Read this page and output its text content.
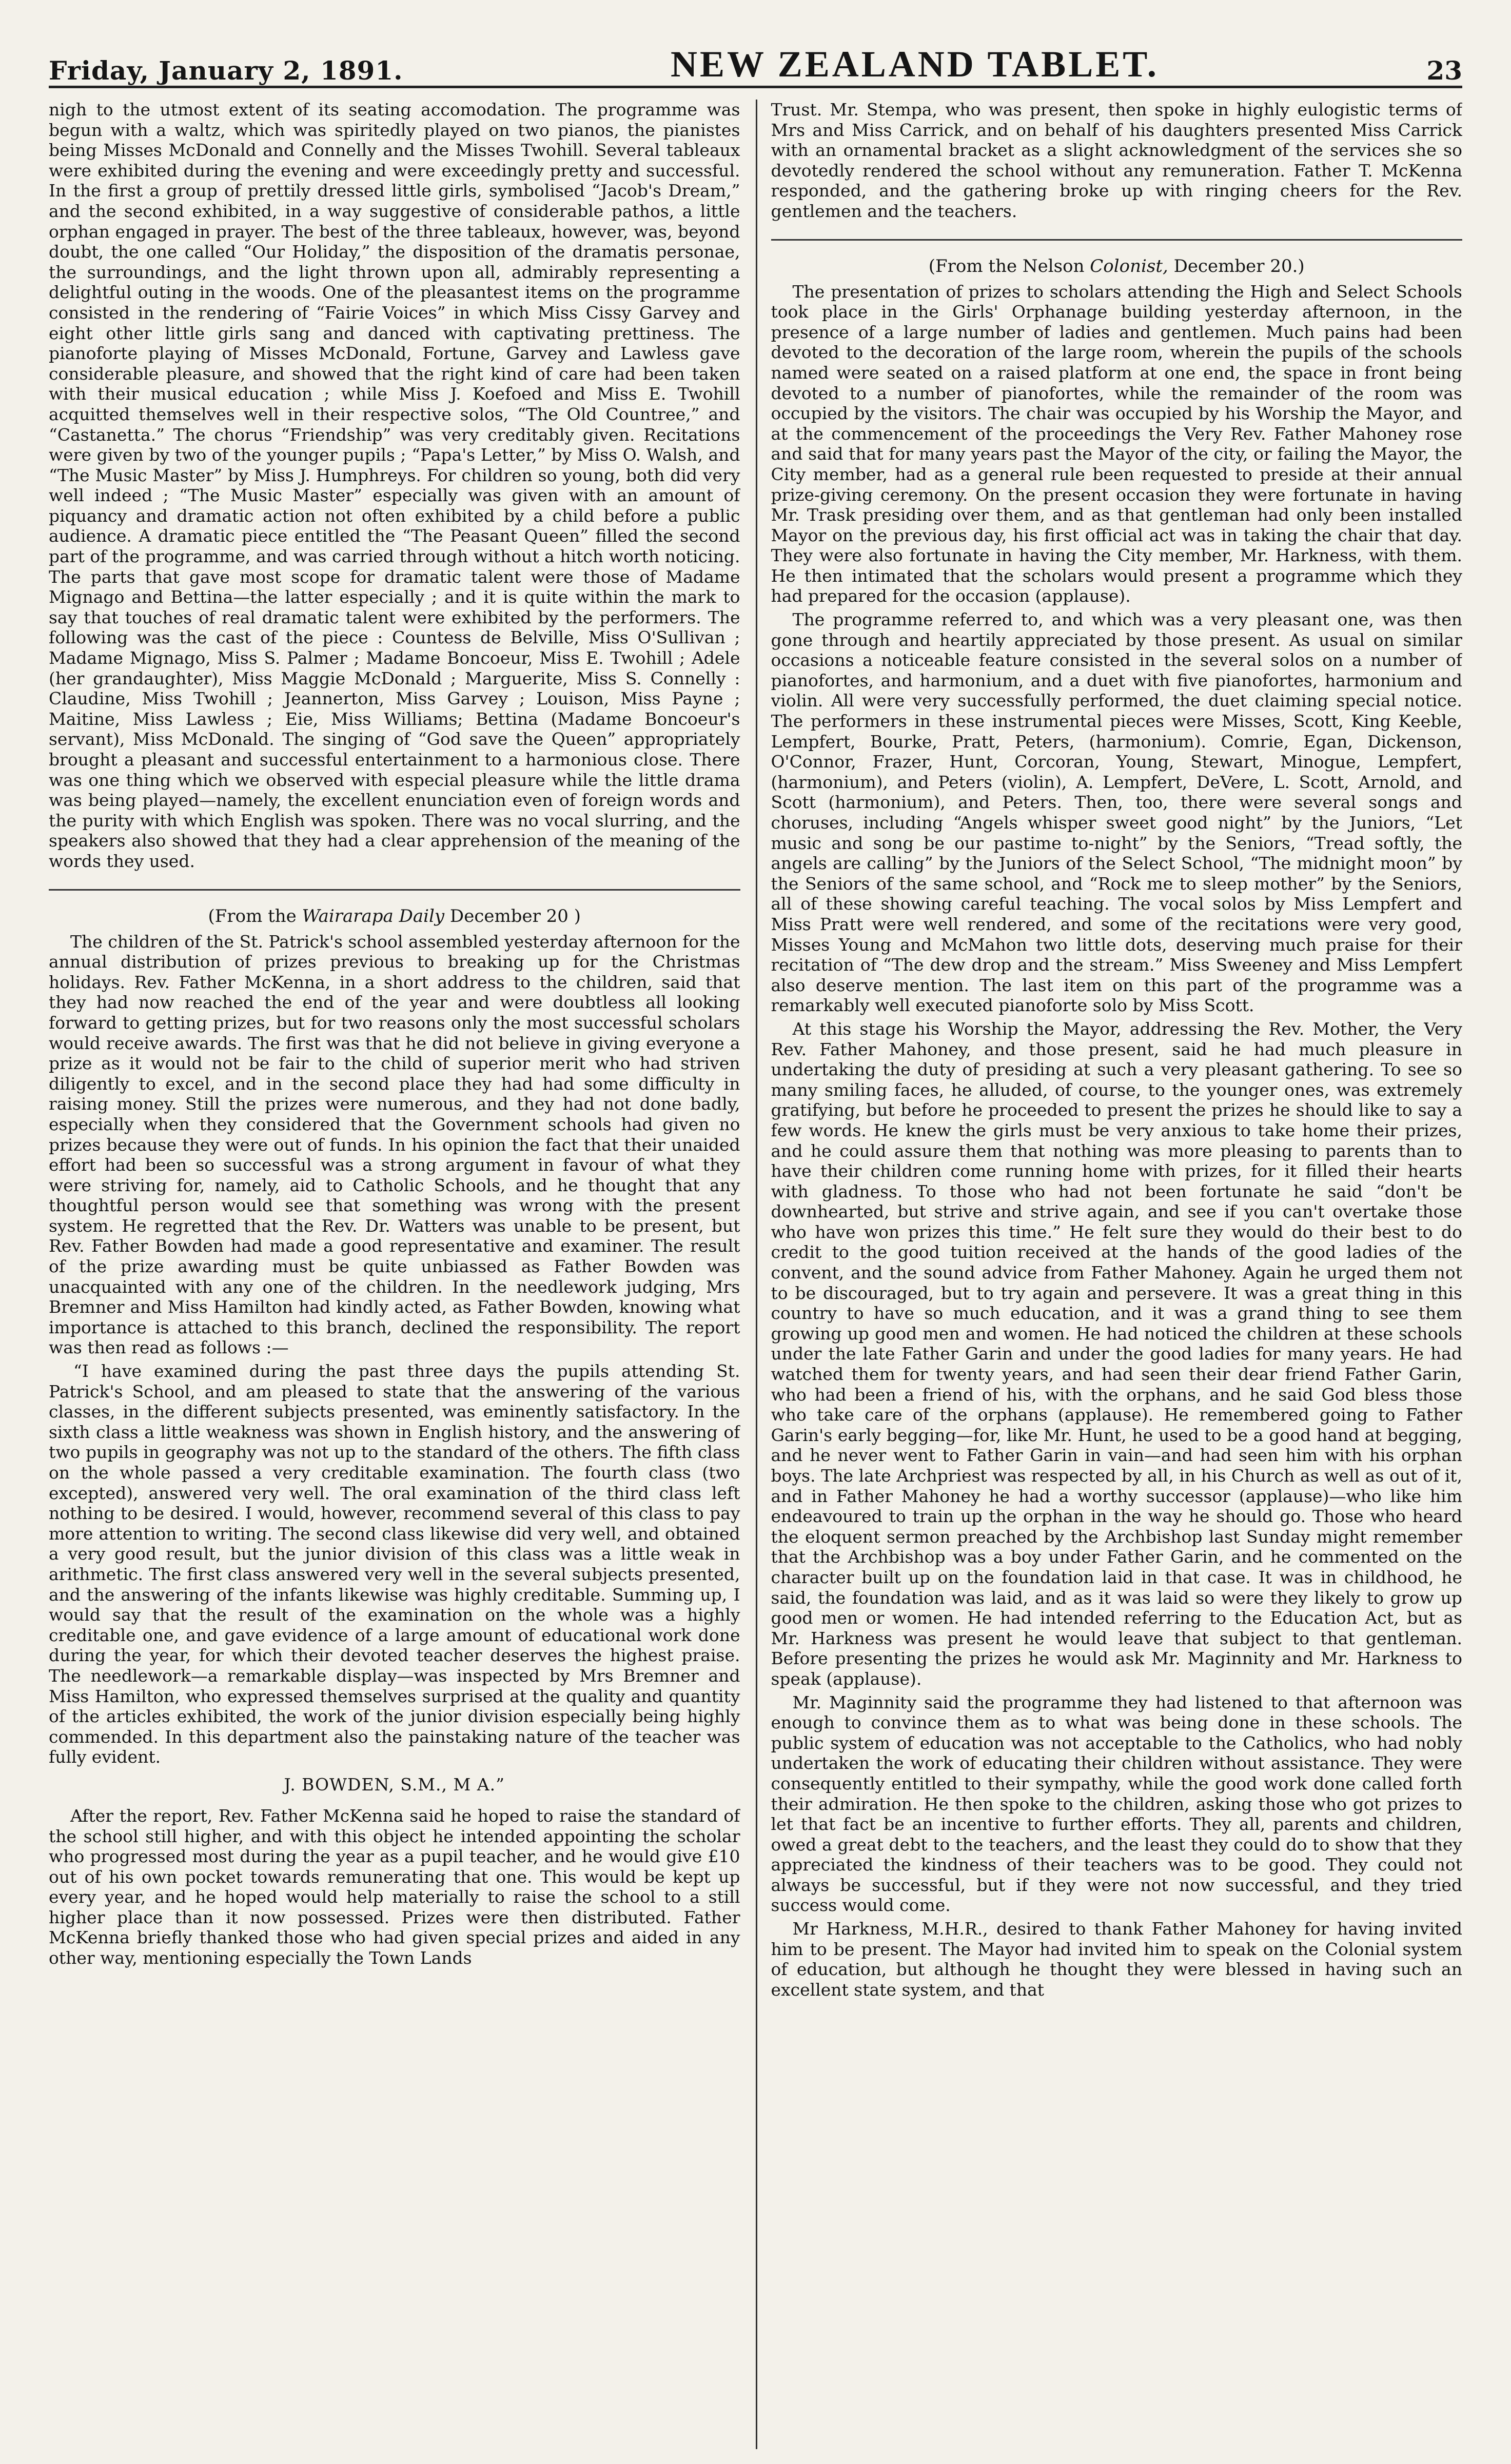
Friday, January 2, 1891.	NEW ZEALAND TABLET.	23

nigh to the utmost extent of its seating accomodation. The programme was begun with a waltz, which was spiritedly played on two pianos, the pianistes being Misses McDonald and Connelly and the Misses Twohill. Several tableaux were exhibited during the evening and were exceedingly pretty and successful. In the first a group of prettily dressed little girls, symbolised “Jacob's Dream,” and the second exhibited, in a way suggestive of considerable pathos, a little orphan engaged in prayer. The best of the three tableaux, however, was, beyond doubt, the one called “Our Holiday,” the disposition of the dramatis personae, the surroundings, and the light thrown upon all, admirably representing a delightful outing in the woods. One of the pleasantest items on the programme consisted in the rendering of “Fairie Voices” in which Miss Cissy Garvey and eight other little girls sang and danced with captivating prettiness. The pianoforte playing of Misses McDonald, Fortune, Garvey and Lawless gave considerable pleasure, and showed that the right kind of care had been taken with their musical education ; while Miss J. Koefoed and Miss E. Twohill acquitted themselves well in their respective solos, “The Old Countree,” and “Castanetta.” The chorus “Friendship” was very creditably given. Recitations were given by two of the younger pupils ; “Papa's Letter,” by Miss O. Walsh, and “The Music Master” by Miss J. Humphreys. For children so young, both did very well indeed ; “The Music Master” especially was given with an amount of piquancy and dramatic action not often exhibited by a child before a public audience. A dramatic piece entitled the “The Peasant Queen” filled the second part of the programme, and was carried through without a hitch worth noticing. The parts that gave most scope for dramatic talent were those of Madame Mignago and Bettina—the latter especially ; and it is quite within the mark to say that touches of real dramatic talent were exhibited by the performers. The following was the cast of the piece : Countess de Belville, Miss O'Sullivan ; Madame Mignago, Miss S. Palmer ; Madame Boncoeur, Miss E. Twohill ; Adele (her grandaughter), Miss Maggie McDonald ; Marguerite, Miss S. Connelly : Claudine, Miss Twohill ; Jeannerton, Miss Garvey ; Louison, Miss Payne ; Maitine, Miss Lawless ; Eie, Miss Williams; Bettina (Madame Boncoeur's servant), Miss McDonald. The singing of “God save the Queen” appropriately brought a pleasant and successful entertainment to a harmonious close. There was one thing which we observed with especial pleasure while the little drama was being played—namely, the excellent enunciation even of foreign words and the purity with which English was spoken. There was no vocal slurring, and the speakers also showed that they had a clear apprehension of the meaning of the words they used.

(From the Wairarapa Daily December 20 )

The children of the St. Patrick's school assembled yesterday afternoon for the annual distribution of prizes previous to breaking up for the Christmas holidays. Rev. Father McKenna, in a short address to the children, said that they had now reached the end of the year and were doubtless all looking forward to getting prizes, but for two reasons only the most successful scholars would receive awards. The first was that he did not believe in giving everyone a prize as it would not be fair to the child of superior merit who had striven diligently to excel, and in the second place they had had some difficulty in raising money. Still the prizes were numerous, and they had not done badly, especially when they considered that the Government schools had given no prizes because they were out of funds. In his opinion the fact that their unaided effort had been so successful was a strong argument in favour of what they were striving for, namely, aid to Catholic Schools, and he thought that any thoughtful person would see that something was wrong with the present system. He regretted that the Rev. Dr. Watters was unable to be present, but Rev. Father Bowden had made a good representative and examiner. The result of the prize awarding must be quite unbiassed as Father Bowden was unacquainted with any one of the children. In the needlework judging, Mrs Bremner and Miss Hamilton had kindly acted, as Father Bowden, knowing what importance is attached to this branch, declined the responsibility. The report was then read as follows :—

“I have examined during the past three days the pupils attending St. Patrick's School, and am pleased to state that the answering of the various classes, in the different subjects presented, was eminently satisfactory. In the sixth class a little weakness was shown in English history, and the answering of two pupils in geography was not up to the standard of the others. The fifth class on the whole passed a very creditable examination. The fourth class (two excepted), answered very well. The oral examination of the third class left nothing to be desired. I would, however, recommend several of this class to pay more attention to writing. The second class likewise did very well, and obtained a very good result, but the junior division of this class was a little weak in arithmetic. The first class answered very well in the several subjects presented, and the answering of the infants likewise was highly creditable. Summing up, I would say that the result of the examination on the whole was a highly creditable one, and gave evidence of a large amount of educational work done during the year, for which their devoted teacher deserves the highest praise. The needlework—a remarkable display—was inspected by Mrs Bremner and Miss Hamilton, who expressed themselves surprised at the quality and quantity of the articles exhibited, the work of the junior division especially being highly commended. In this department also the painstaking nature of the teacher was fully evident.

J. BOWDEN, S.M., M A.”

After the report, Rev. Father McKenna said he hoped to raise the standard of the school still higher, and with this object he intended appointing the scholar who progressed most during the year as a pupil teacher, and he would give £10 out of his own pocket towards remunerating that one. This would be kept up every year, and he hoped would help materially to raise the school to a still higher place than it now possessed. Prizes were then distributed. Father McKenna briefly thanked those who had given special prizes and aided in any other way, mentioning especially the Town Lands

Trust. Mr. Stempa, who was present, then spoke in highly eulogistic terms of Mrs and Miss Carrick, and on behalf of his daughters presented Miss Carrick with an ornamental bracket as a slight acknowledgment of the services she so devotedly rendered the school without any remuneration. Father T. McKenna responded, and the gathering broke up with ringing cheers for the Rev. gentlemen and the teachers.

(From the Nelson Colonist, December 20.)

The presentation of prizes to scholars attending the High and Select Schools took place in the Girls' Orphanage building yesterday afternoon, in the presence of a large number of ladies and gentlemen. Much pains had been devoted to the decoration of the large room, wherein the pupils of the schools named were seated on a raised platform at one end, the space in front being devoted to a number of pianofortes, while the remainder of the room was occupied by the visitors. The chair was occupied by his Worship the Mayor, and at the commencement of the proceedings the Very Rev. Father Mahoney rose and said that for many years past the Mayor of the city, or failing the Mayor, the City member, had as a general rule been requested to preside at their annual prize-giving ceremony. On the present occasion they were fortunate in having Mr. Trask presiding over them, and as that gentleman had only been installed Mayor on the previous day, his first official act was in taking the chair that day. They were also fortunate in having the City member, Mr. Harkness, with them. He then intimated that the scholars would present a programme which they had prepared for the occasion (applause).

The programme referred to, and which was a very pleasant one, was then gone through and heartily appreciated by those present. As usual on similar occasions a noticeable feature consisted in the several solos on a number of pianofortes, and harmonium, and a duet with five pianofortes, harmonium and violin. All were very successfully performed, the duet claiming special notice. The performers in these instrumental pieces were Misses, Scott, King Keeble, Lempfert, Bourke, Pratt, Peters, (harmonium). Comrie, Egan, Dickenson, O'Connor, Frazer, Hunt, Corcoran, Young, Stewart, Minogue, Lempfert, (harmonium), and Peters (violin), A. Lempfert, DeVere, L. Scott, Arnold, and Scott (harmonium), and Peters. Then, too, there were several songs and choruses, including “Angels whisper sweet good night” by the Juniors, “Let music and song be our pastime to-night” by the Seniors, “Tread softly, the angels are calling” by the Juniors of the Select School, “The midnight moon” by the Seniors of the same school, and “Rock me to sleep mother” by the Seniors, all of these showing careful teaching. The vocal solos by Miss Lempfert and Miss Pratt were well rendered, and some of the recitations were very good, Misses Young and McMahon two little dots, deserving much praise for their recitation of “The dew drop and the stream.” Miss Sweeney and Miss Lempfert also deserve mention. The last item on this part of the programme was a remarkably well executed pianoforte solo by Miss Scott.

At this stage his Worship the Mayor, addressing the Rev. Mother, the Very Rev. Father Mahoney, and those present, said he had much pleasure in undertaking the duty of presiding at such a very pleasant gathering. To see so many smiling faces, he alluded, of course, to the younger ones, was extremely gratifying, but before he proceeded to present the prizes he should like to say a few words. He knew the girls must be very anxious to take home their prizes, and he could assure them that nothing was more pleasing to parents than to have their children come running home with prizes, for it filled their hearts with gladness. To those who had not been fortunate he said “don't be downhearted, but strive and strive again, and see if you can't overtake those who have won prizes this time.” He felt sure they would do their best to do credit to the good tuition received at the hands of the good ladies of the convent, and the sound advice from Father Mahoney. Again he urged them not to be discouraged, but to try again and persevere. It was a great thing in this country to have so much education, and it was a grand thing to see them growing up good men and women. He had noticed the children at these schools under the late Father Garin and under the good ladies for many years. He had watched them for twenty years, and had seen their dear friend Father Garin, who had been a friend of his, with the orphans, and he said God bless those who take care of the orphans (applause). He remembered going to Father Garin's early begging—for, like Mr. Hunt, he used to be a good hand at begging, and he never went to Father Garin in vain—and had seen him with his orphan boys. The late Archpriest was respected by all, in his Church as well as out of it, and in Father Mahoney he had a worthy successor (applause)—who like him endeavoured to train up the orphan in the way he should go. Those who heard the eloquent sermon preached by the Archbishop last Sunday might remember that the Archbishop was a boy under Father Garin, and he commented on the character built up on the foundation laid in that case. It was in childhood, he said, the foundation was laid, and as it was laid so were they likely to grow up good men or women. He had intended referring to the Education Act, but as Mr. Harkness was present he would leave that subject to that gentleman. Before presenting the prizes he would ask Mr. Maginnity and Mr. Harkness to speak (applause).

Mr. Maginnity said the programme they had listened to that afternoon was enough to convince them as to what was being done in these schools. The public system of education was not acceptable to the Catholics, who had nobly undertaken the work of educating their children without assistance. They were consequently entitled to their sympathy, while the good work done called forth their admiration. He then spoke to the children, asking those who got prizes to let that fact be an incentive to further efforts. They all, parents and children, owed a great debt to the teachers, and the least they could do to show that they appreciated the kindness of their teachers was to be good. They could not always be successful, but if they were not now successful, and they tried success would come.

Mr Harkness, M.H.R., desired to thank Father Mahoney for having invited him to be present. The Mayor had invited him to speak on the Colonial system of education, but although he thought they were blessed in having such an excellent state system, and that
